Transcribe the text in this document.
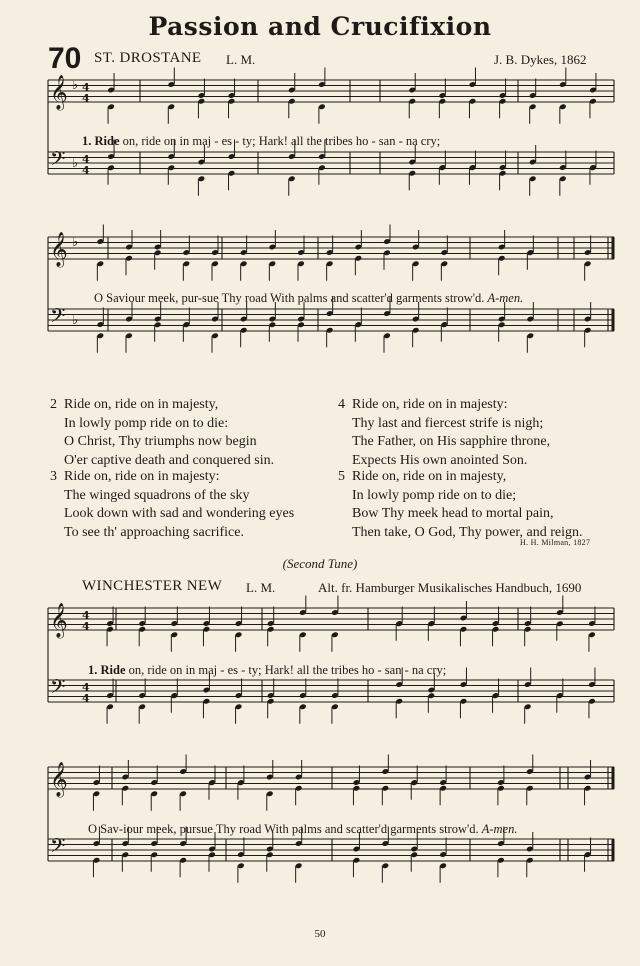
Passion and Crucifixion
70 ST. DROSTANE L. M.	J. B. Dykes, 1862
𝄞 ♭ 4
4
𝄢 ♭ 4
4
1. Ride on, ride on in maj - es - ty; Hark! all the tribes ho - san - na cry;
𝄞 ♭
𝄢 ♭
O Saviour meek, pur-sue Thy road With palms and scatter'd garments strow'd. A-men.
2 Ride on, ride on in majesty,
In lowly pomp ride on to die:
O Christ, Thy triumphs now begin
O'er captive death and conquered sin.
3 Ride on, ride on in majesty:
The winged squadrons of the sky
Look down with sad and wondering eyes
To see th' approaching sacrifice.
4 Ride on, ride on in majesty:
Thy last and fiercest strife is nigh;
The Father, on His sapphire throne,
Expects His own anointed Son.
5 Ride on, ride on in majesty,
In lowly pomp ride on to die;
Bow Thy meek head to mortal pain,
Then take, O God, Thy power, and reign.
H. H. Milman, 1827
(Second Tune)
WINCHESTER NEW L. M.	Alt. fr. Hamburger Musikalisches Handbuch, 1690
𝄞 4
4
𝄢 4
4
1. Ride on, ride on in maj - es - ty; Hark! all the tribes ho - san - na cry;
𝄞
𝄢
O Sav-iour meek, pursue Thy road With palms and scatter'd garments strow'd. A-men.
50
